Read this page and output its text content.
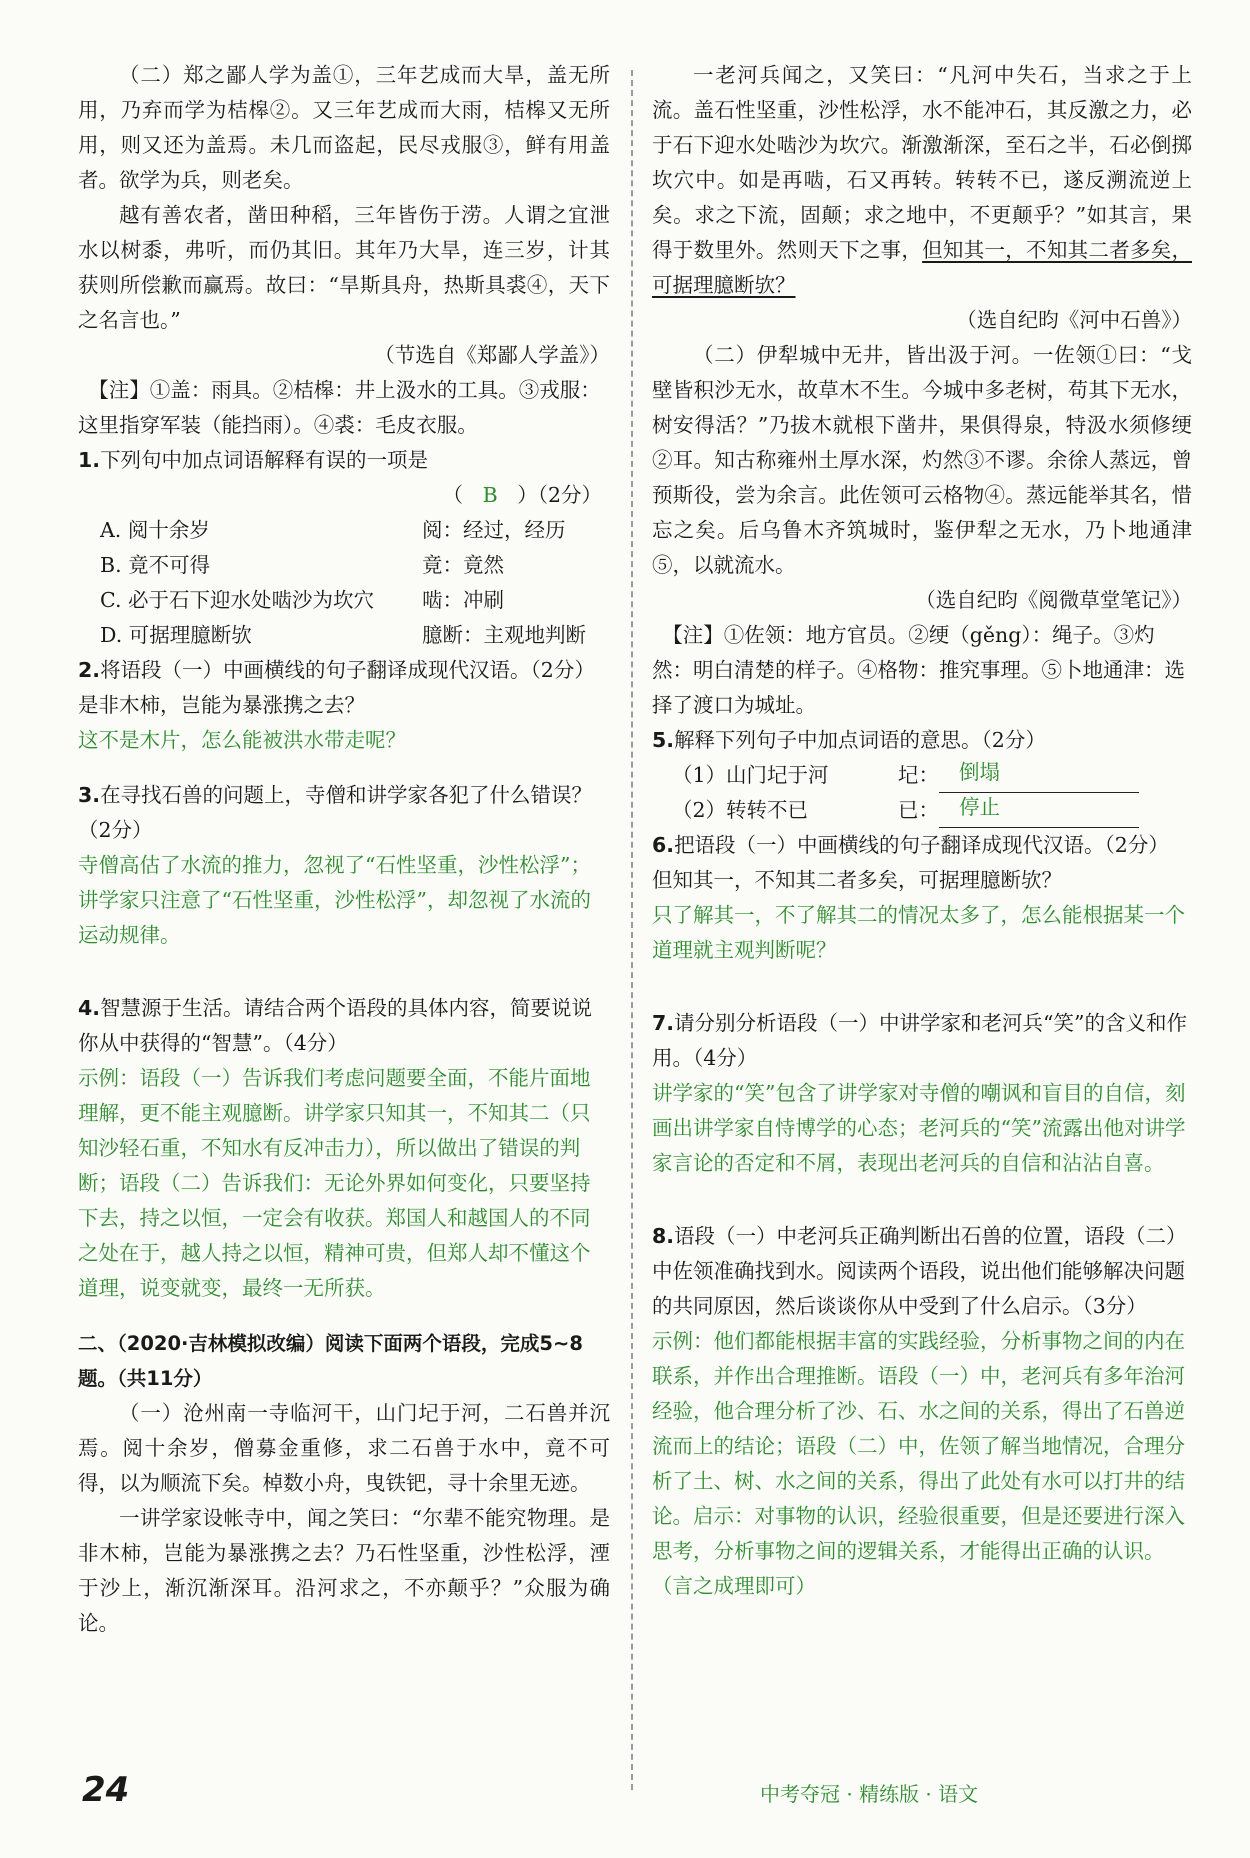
（二）郑之鄙人学为盖①，三年艺成而大旱，盖无所用，乃弃而学为桔槔②。又三年艺成而大雨，桔槔又无所用，则又还为盖焉。未几而盗起，民尽戎服③，鲜有用盖者。欲学为兵，则老矣。

越有善农者，凿田种稻，三年皆伤于涝。人谓之宜泄水以树黍，弗听，而仍其旧。其年乃大旱，连三岁，计其获则所偿歉而赢焉。故曰：“旱斯具舟，热斯具裘④，天下之名言也。”

（节选自《郑鄙人学盖》）

【注】①盖：雨具。②桔槔：井上汲水的工具。③戎服：这里指穿军装（能挡雨）。④裘：毛皮衣服。

1.下列句中加点词语解释有误的一项是

（ B ）（2分）

A. 阅十余岁	阅：经过，经历

B. 竟不可得	竟：竟然

C. 必于石下迎水处啮沙为坎穴	啮：冲刷

D. 可据理臆断欤	臆断：主观地判断

2.将语段（一）中画横线的句子翻译成现代汉语。（2分）

是非木柿，岂能为暴涨携之去？

这不是木片，怎么能被洪水带走呢？

3.在寻找石兽的问题上，寺僧和讲学家各犯了什么错误？（2分）

寺僧高估了水流的推力，忽视了“石性坚重，沙性松浮”；讲学家只注意了“石性坚重，沙性松浮”，却忽视了水流的运动规律。

4.智慧源于生活。请结合两个语段的具体内容，简要说说你从中获得的“智慧”。（4分）

示例：语段（一）告诉我们考虑问题要全面，不能片面地理解，更不能主观臆断。讲学家只知其一，不知其二（只知沙轻石重，不知水有反冲击力），所以做出了错误的判断；语段（二）告诉我们：无论外界如何变化，只要坚持下去，持之以恒，一定会有收获。郑国人和越国人的不同之处在于，越人持之以恒，精神可贵，但郑人却不懂这个道理，说变就变，最终一无所获。

二、（2020·吉林模拟改编）阅读下面两个语段，完成5~8题。（共11分）

（一）沧州南一寺临河干，山门圮于河，二石兽并沉焉。阅十余岁，僧募金重修，求二石兽于水中，竟不可得，以为顺流下矣。棹数小舟，曳铁钯，寻十余里无迹。

一讲学家设帐寺中，闻之笑曰：“尔辈不能究物理。是非木柿，岂能为暴涨携之去？乃石性坚重，沙性松浮，湮于沙上，渐沉渐深耳。沿河求之，不亦颠乎？”众服为确论。

一老河兵闻之，又笑曰：“凡河中失石，当求之于上流。盖石性坚重，沙性松浮，水不能冲石，其反激之力，必于石下迎水处啮沙为坎穴。渐激渐深，至石之半，石必倒掷坎穴中。如是再啮，石又再转。转转不已，遂反溯流逆上矣。求之下流，固颠；求之地中，不更颠乎？”如其言，果得于数里外。然则天下之事，但知其一，不知其二者多矣，可据理臆断欤？

（选自纪昀《河中石兽》）

（二）伊犁城中无井，皆出汲于河。一佐领①曰：“戈壁皆积沙无水，故草木不生。今城中多老树，苟其下无水，树安得活？”乃拔木就根下凿井，果俱得泉，特汲水须修绠②耳。知古称雍州土厚水深，灼然③不谬。余徐人蒸远，曾预斯役，尝为余言。此佐领可云格物④。蒸远能举其名，惜忘之矣。后乌鲁木齐筑城时，鉴伊犁之无水，乃卜地通津⑤，以就流水。

（选自纪昀《阅微草堂笔记》）

【注】①佐领：地方官员。②绠（gěng）：绳子。③灼然：明白清楚的样子。④格物：推究事理。⑤卜地通津：选择了渡口为城址。

5.解释下列句子中加点词语的意思。（2分）

（1）山门圮于河	圮： 倒塌

（2）转转不已	已： 停止

6.把语段（一）中画横线的句子翻译成现代汉语。（2分）

但知其一，不知其二者多矣，可据理臆断欤？

只了解其一，不了解其二的情况太多了，怎么能根据某一个道理就主观判断呢？

7.请分别分析语段（一）中讲学家和老河兵“笑”的含义和作用。（4分）

讲学家的“笑”包含了讲学家对寺僧的嘲讽和盲目的自信，刻画出讲学家自恃博学的心态；老河兵的“笑”流露出他对讲学家言论的否定和不屑，表现出老河兵的自信和沾沾自喜。

8.语段（一）中老河兵正确判断出石兽的位置，语段（二）中佐领准确找到水。阅读两个语段，说出他们能够解决问题的共同原因，然后谈谈你从中受到了什么启示。（3分）

示例：他们都能根据丰富的实践经验，分析事物之间的内在联系，并作出合理推断。语段（一）中，老河兵有多年治河经验，他合理分析了沙、石、水之间的关系，得出了石兽逆流而上的结论；语段（二）中，佐领了解当地情况，合理分析了土、树、水之间的关系，得出了此处有水可以打井的结论。启示：对事物的认识，经验很重要，但是还要进行深入思考，分析事物之间的逻辑关系，才能得出正确的认识。（言之成理即可）

24	中考夺冠 · 精练版 · 语文
